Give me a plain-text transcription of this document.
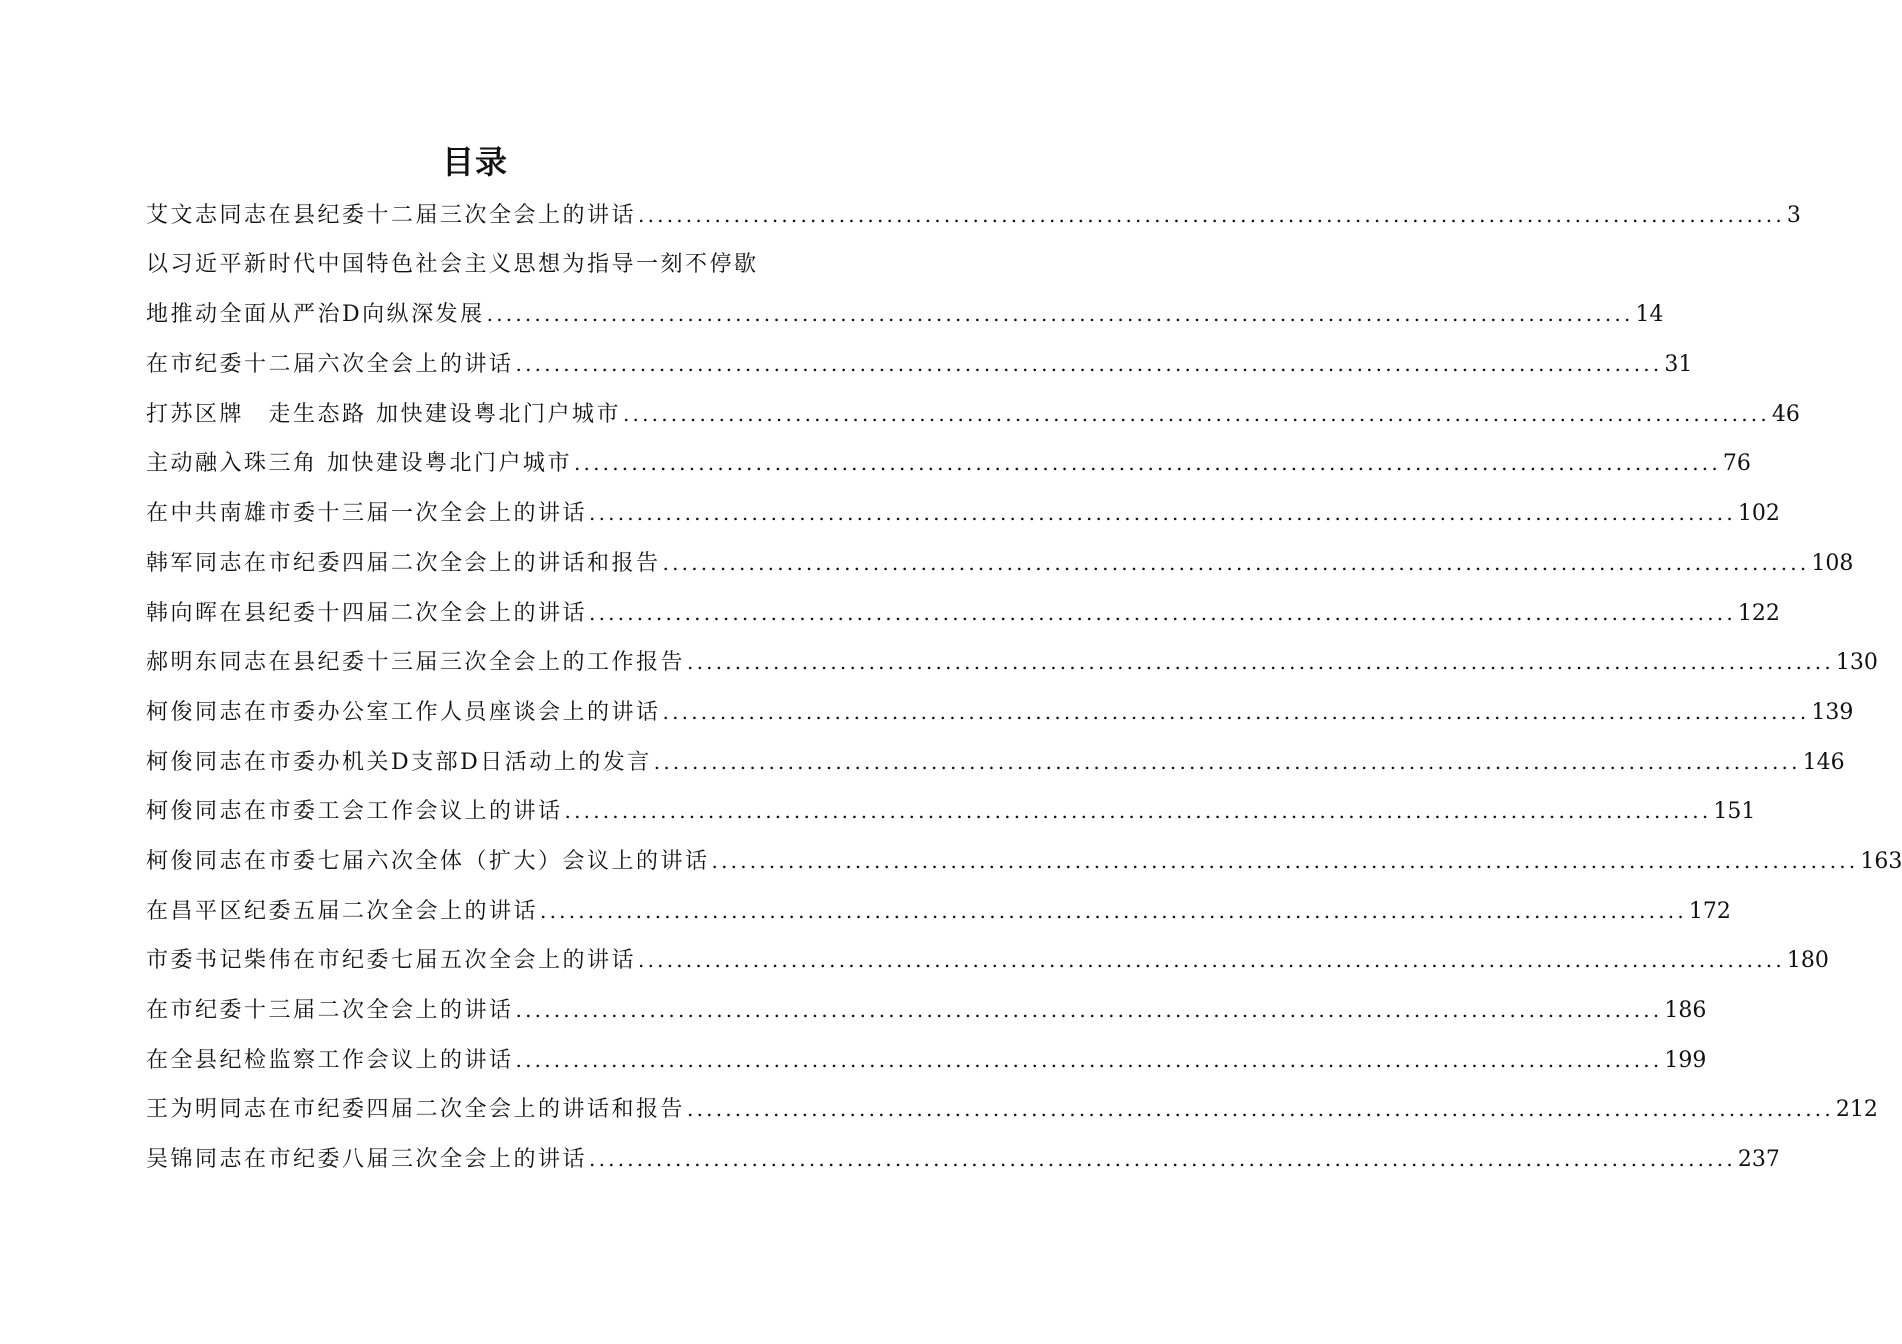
目录
艾文志同志在县纪委十二届三次全会上的讲话 ........................................................................................................................ 3
以习近平新时代中国特色社会主义思想为指导一刻不停歇
地推动全面从严治D向纵深发展 ........................................................................................................................ 14
在市纪委十二届六次全会上的讲话 ........................................................................................................................ 31
打苏区牌　走生态路 加快建设粤北门户城市 ........................................................................................................................ 46
主动融入珠三角 加快建设粤北门户城市 ........................................................................................................................ 76
在中共南雄市委十三届一次全会上的讲话 ........................................................................................................................ 102
韩军同志在市纪委四届二次全会上的讲话和报告 ........................................................................................................................ 108
韩向晖在县纪委十四届二次全会上的讲话 ........................................................................................................................ 122
郝明东同志在县纪委十三届三次全会上的工作报告 ........................................................................................................................ 130
柯俊同志在市委办公室工作人员座谈会上的讲话 ........................................................................................................................ 139
柯俊同志在市委办机关D支部D日活动上的发言 ........................................................................................................................ 146
柯俊同志在市委工会工作会议上的讲话 ........................................................................................................................ 151
柯俊同志在市委七届六次全体（扩大）会议上的讲话 ........................................................................................................................ 163
在昌平区纪委五届二次全会上的讲话 ........................................................................................................................ 172
市委书记柴伟在市纪委七届五次全会上的讲话 ........................................................................................................................ 180
在市纪委十三届二次全会上的讲话 ........................................................................................................................ 186
在全县纪检监察工作会议上的讲话 ........................................................................................................................ 199
王为明同志在市纪委四届二次全会上的讲话和报告 ........................................................................................................................ 212
吴锦同志在市纪委八届三次全会上的讲话 ........................................................................................................................ 237
